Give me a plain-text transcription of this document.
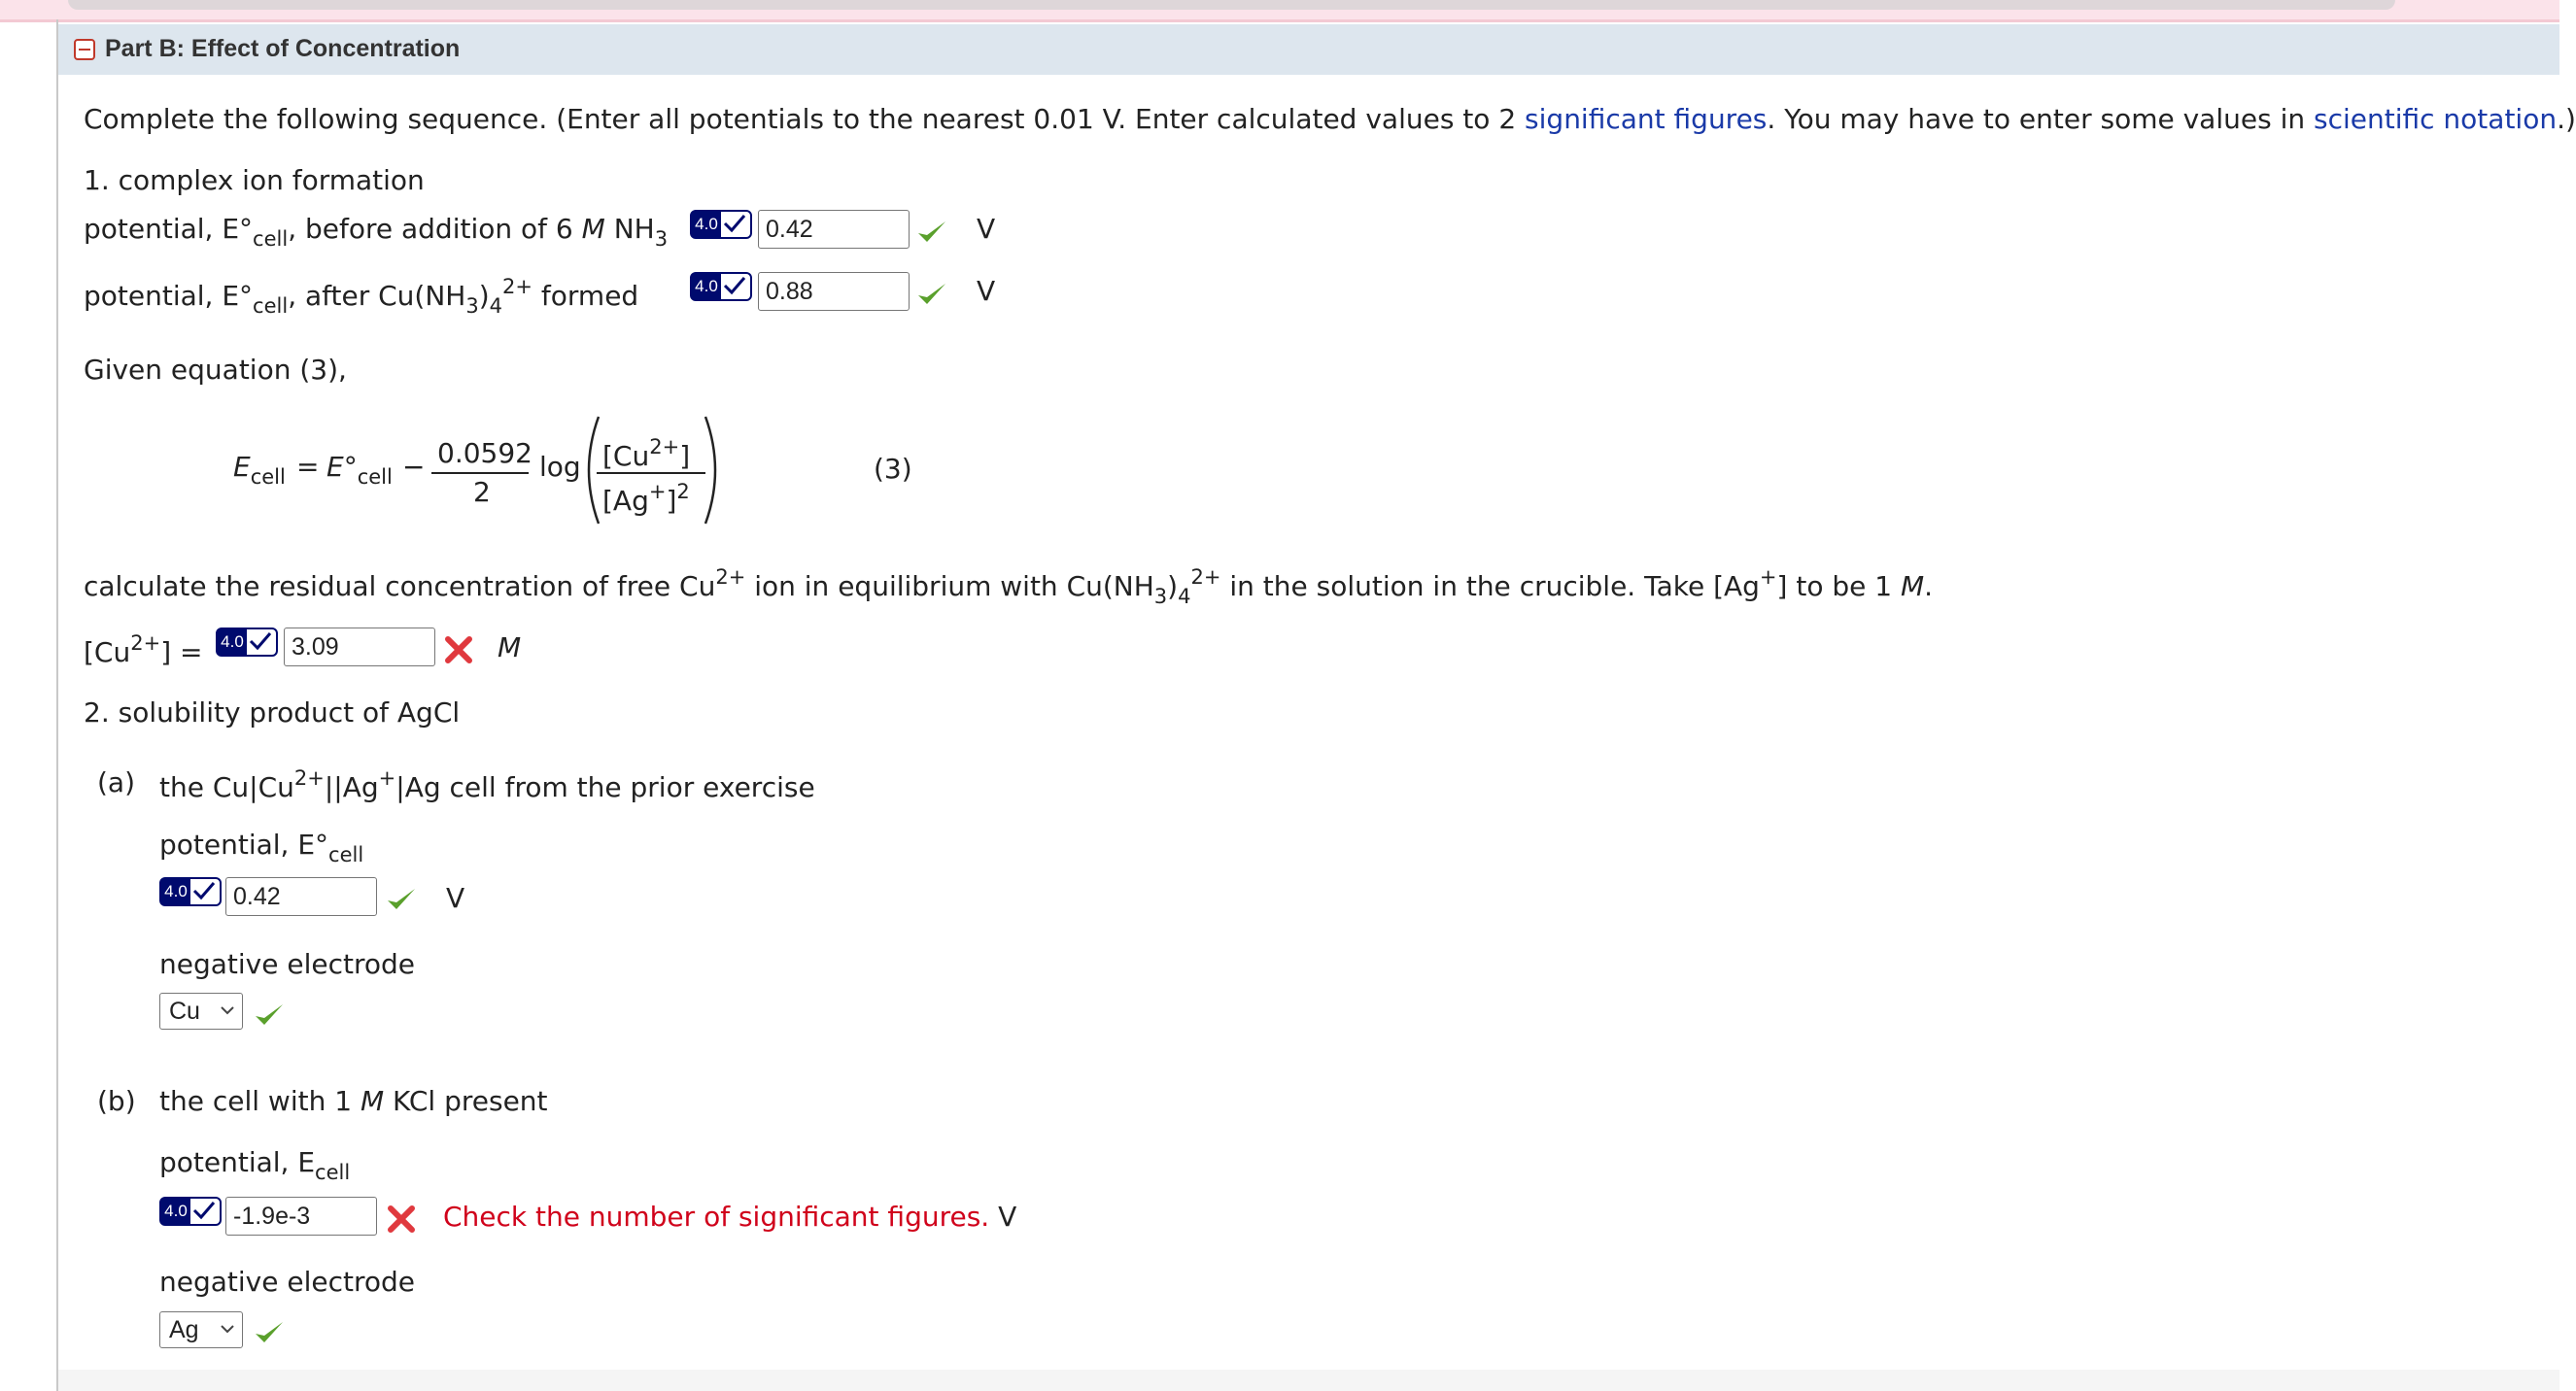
Part B: Effect of Concentration
Complete the following sequence. (Enter all potentials to the nearest 0.01 V. Enter calculated values to 2 significant figures. You may have to enter some values in scientific notation.)
1. complex ion formation
potential, $E^\circ_{cell}$, before addition of 6 M $NH_3$
4.0
0.42	V
potential, $E^\circ_{cell}$, after $Cu(NH_3)_4^{2+}$ formed	4.0
0.88	V
Given equation (3),
$E_{cell} = E^\circ_{cell} - 0.0592$
2
$\log [Cu^{2+}]$
$[Ag^+]^2$
(3)
calculate the residual concentration of free $Cu^{2+}$ ion in equilibrium with $Cu(NH_3)_4^{2+}$ in the solution in the crucible. Take [Ag+] to be 1 M.
$[Cu^{2+}] = 4.0$
3.09	M
2. solubility product of AgCl
(a) the $Cu|Cu^{2+}||Ag^+|Ag$ cell from the prior exercise
potential, $E^\circ_{cell}$
4.0
0.42	V
negative electrode
Cu
(b) the cell with 1 M KCl present
potential, $E_{cell}$
4.0
-1.9e-3	Check the number of significant figures. V
negative electrode
Ag
